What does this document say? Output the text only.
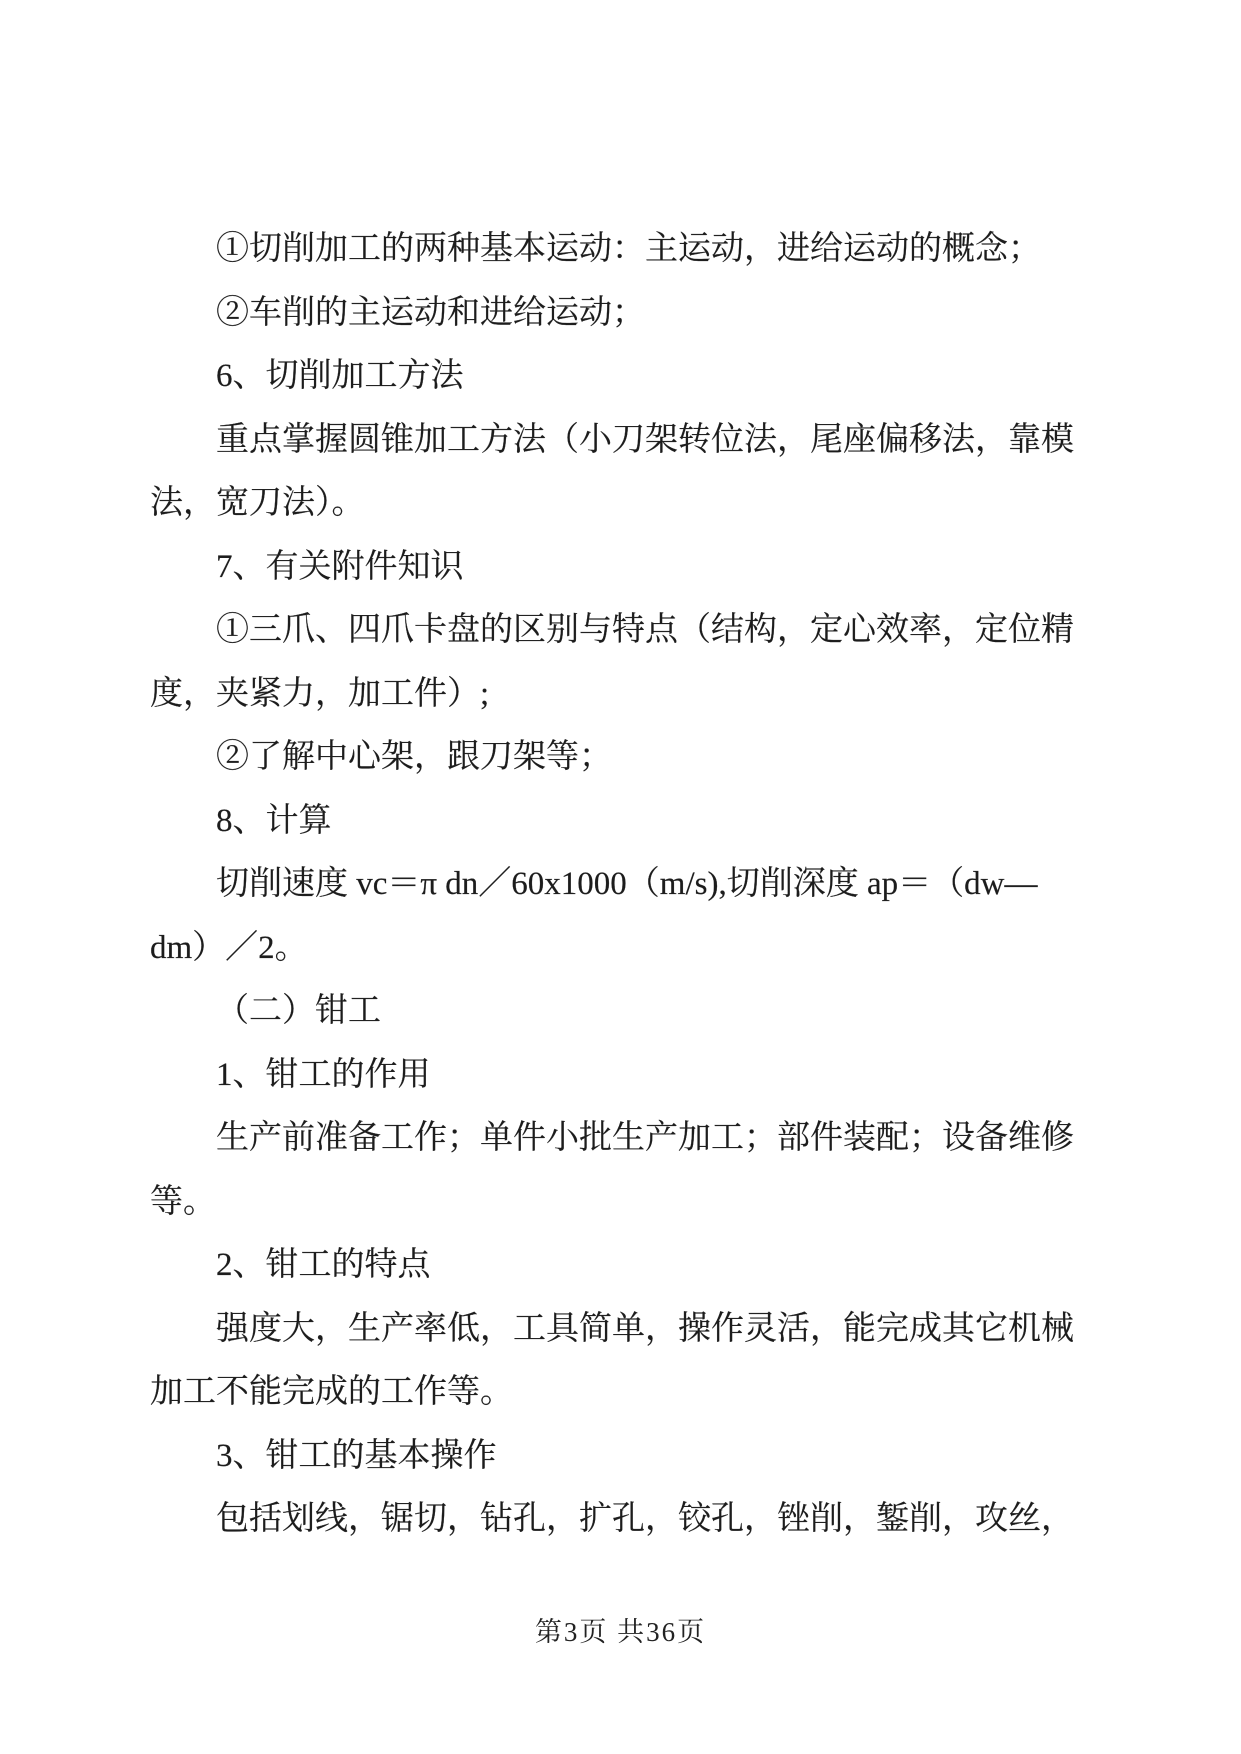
①切削加工的两种基本运动：主运动，进给运动的概念；
②车削的主运动和进给运动；
6、切削加工方法
重点掌握圆锥加工方法（小刀架转位法，尾座偏移法，靠模
法，宽刀法）。
7、有关附件知识
①三爪、四爪卡盘的区别与特点（结构，定心效率，定位精
度，夹紧力，加工件）;
②了解中心架，跟刀架等；
8、计算
切削速度 vc＝π dn／60x1000（m/s),切削深度 ap＝（dw—
dm）／2。
（二）钳工
1、钳工的作用
生产前准备工作；单件小批生产加工；部件装配；设备维修
等。
2、钳工的特点
强度大，生产率低，工具简单，操作灵活，能完成其它机械
加工不能完成的工作等。
3、钳工的基本操作
包括划线，锯切，钻孔，扩孔，铰孔，锉削，錾削，攻丝，
第3页 共36页
